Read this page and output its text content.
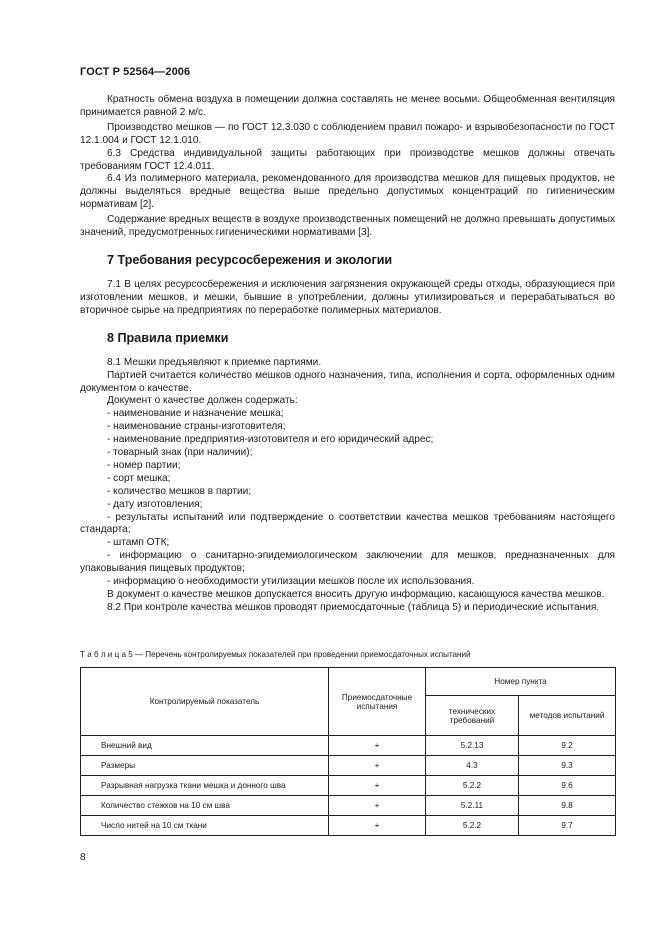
ГОСТ Р 52564—2006

Кратность обмена воздуха в помещении должна составлять не менее восьми. Общеобменная вентиляция принимается равной 2 м/с.

Производство мешков — по ГОСТ 12.3.030 с соблюдением правил пожаро- и взрывобезопасности по ГОСТ 12.1.004 и ГОСТ 12.1.010.

6.3 Средства индивидуальной защиты работающих при производстве мешков должны отвечать требованиям ГОСТ 12.4.011.

6.4 Из полимерного материала, рекомендованного для производства мешков для пищевых продуктов, не должны выделяться вредные вещества выше предельно допустимых концентраций по гигиеническим нормативам [2].

Содержание вредных веществ в воздухе производственных помещений не должно превышать допустимых значений, предусмотренных гигиеническими нормативами [3].

7 Требования ресурсосбережения и экологии

7.1 В целях ресурсосбережения и исключения загрязнения окружающей среды отходы, образующиеся при изготовлении мешков, и мешки, бывшие в употреблении, должны утилизироваться и перерабатываться во вторичное сырье на предприятиях по переработке полимерных материалов.

8 Правила приемки

8.1 Мешки предъявляют к приемке партиями.

Партией считается количество мешков одного назначения, типа, исполнения и сорта, оформленных одним документом о качестве.

Документ о качестве должен содержать:

- наименование и назначение мешка;

- наименование страны-изготовителя;

- наименование предприятия-изготовителя и его юридический адрес;

- товарный знак (при наличии);

- номер партии;

- сорт мешка;

- количество мешков в партии;

- дату изготовления;

- результаты испытаний или подтверждение о соответствии качества мешков требованиям настоящего стандарта;

- штамп ОТК;

- информацию о санитарно-эпидемиологическом заключении для мешков, предназначенных для упаковывания пищевых продуктов;

- информацию о необходимости утилизации мешков после их использования.

В документ о качестве мешков допускается вносить другую информацию, касающуюся качества мешков.

8.2 При контроле качества мешков проводят приемосдаточные (таблица 5) и периодические испытания.

Т а б л и ц а 5 — Перечень контролируемых показателей при проведении приемосдаточных испытаний
Контролируемый показатель	Приемосдаточные испытания	Номер пункта	
		технических требований	методов испытаний
Внешний вид	+	5.2.13	9.2
Размеры	+	4.3	9.3
Разрывная нагрузка ткани мешка и донного шва	+	5.2.2	9.6
Количество стежков на 10 см шва	+	5.2.11	9.8
Число нитей на 10 см ткани	+	5.2.2	9.7
8
